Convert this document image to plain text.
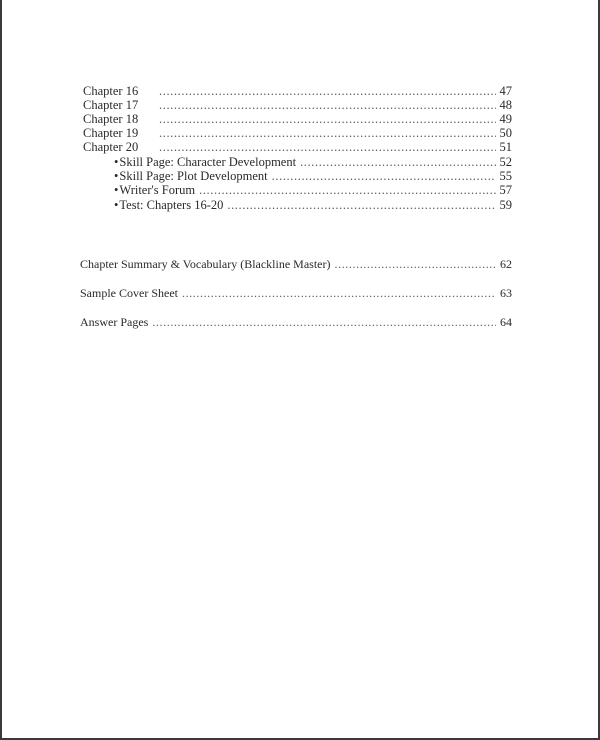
Chapter 16 .....	47
Chapter 17 .....	48
Chapter 18 .....	49
Chapter 19 .....	50
Chapter 20 .....	51
• Skill Page: Character Development .....	52
• Skill Page: Plot Development .....	55
• Writer's Forum .....	57
• Test: Chapters 16-20 .....	59
Chapter Summary & Vocabulary (Blackline Master) .....	62
Sample Cover Sheet .....	63
Answer Pages .....	64
